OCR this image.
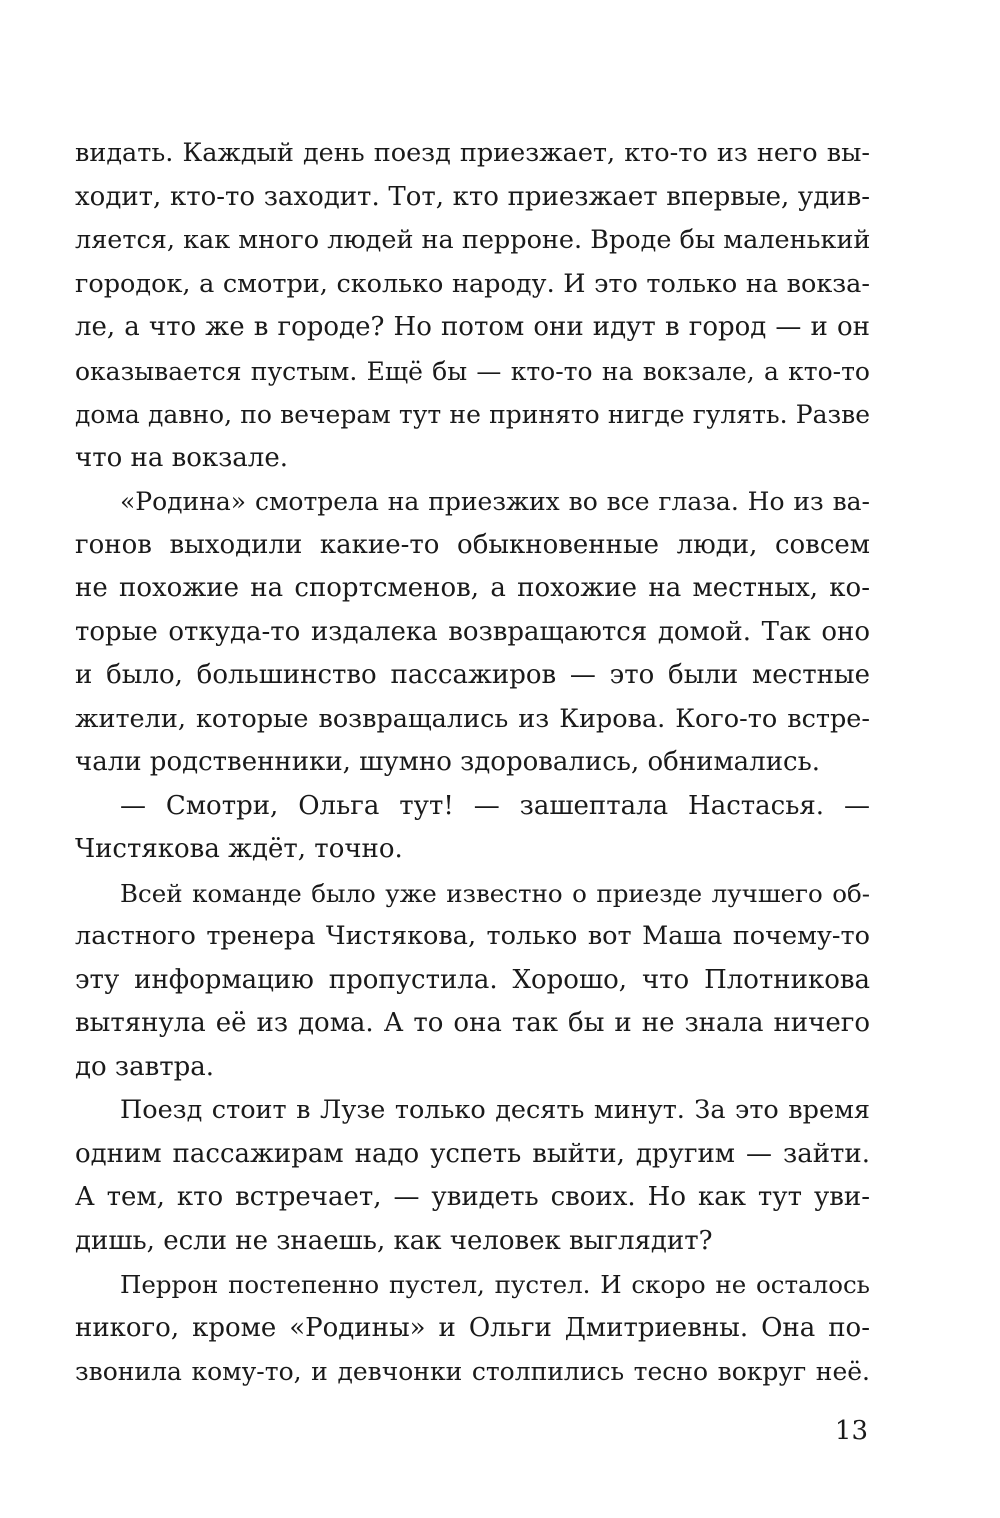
видать. Каждый день поезд приезжает, кто-то из него вы-
ходит, кто-то заходит. Тот, кто приезжает впервые, удив-
ляется, как много людей на перроне. Вроде бы маленький
городок, а смотри, сколько народу. И это только на вокза-
ле, а что же в городе? Но потом они идут в город — и он
оказывается пустым. Ещё бы — кто-то на вокзале, а кто-то
дома давно, по вечерам тут не принято нигде гулять. Разве
что на вокзале.
«Родина» смотрела на приезжих во все глаза. Но из ва-
гонов выходили какие-то обыкновенные люди, совсем
не похожие на спортсменов, а похожие на местных, ко-
торые откуда-то издалека возвращаются домой. Так оно
и было, большинство пассажиров — это были местные
жители, которые возвращались из Кирова. Кого-то встре-
чали родственники, шумно здоровались, обнимались.
— Смотри, Ольга тут! — зашептала Настасья. —
Чистякова ждёт, точно.
Всей команде было уже известно о приезде лучшего об-
ластного тренера Чистякова, только вот Маша почему-то
эту информацию пропустила. Хорошо, что Плотникова
вытянула её из дома. А то она так бы и не знала ничего
до завтра.
Поезд стоит в Лузе только десять минут. За это время
одним пассажирам надо успеть выйти, другим — зайти.
А тем, кто встречает, — увидеть своих. Но как тут уви-
дишь, если не знаешь, как человек выглядит?
Перрон постепенно пустел, пустел. И скоро не осталось
никого, кроме «Родины» и Ольги Дмитриевны. Она по-
звонила кому-то, и девчонки столпились тесно вокруг неё.
13
